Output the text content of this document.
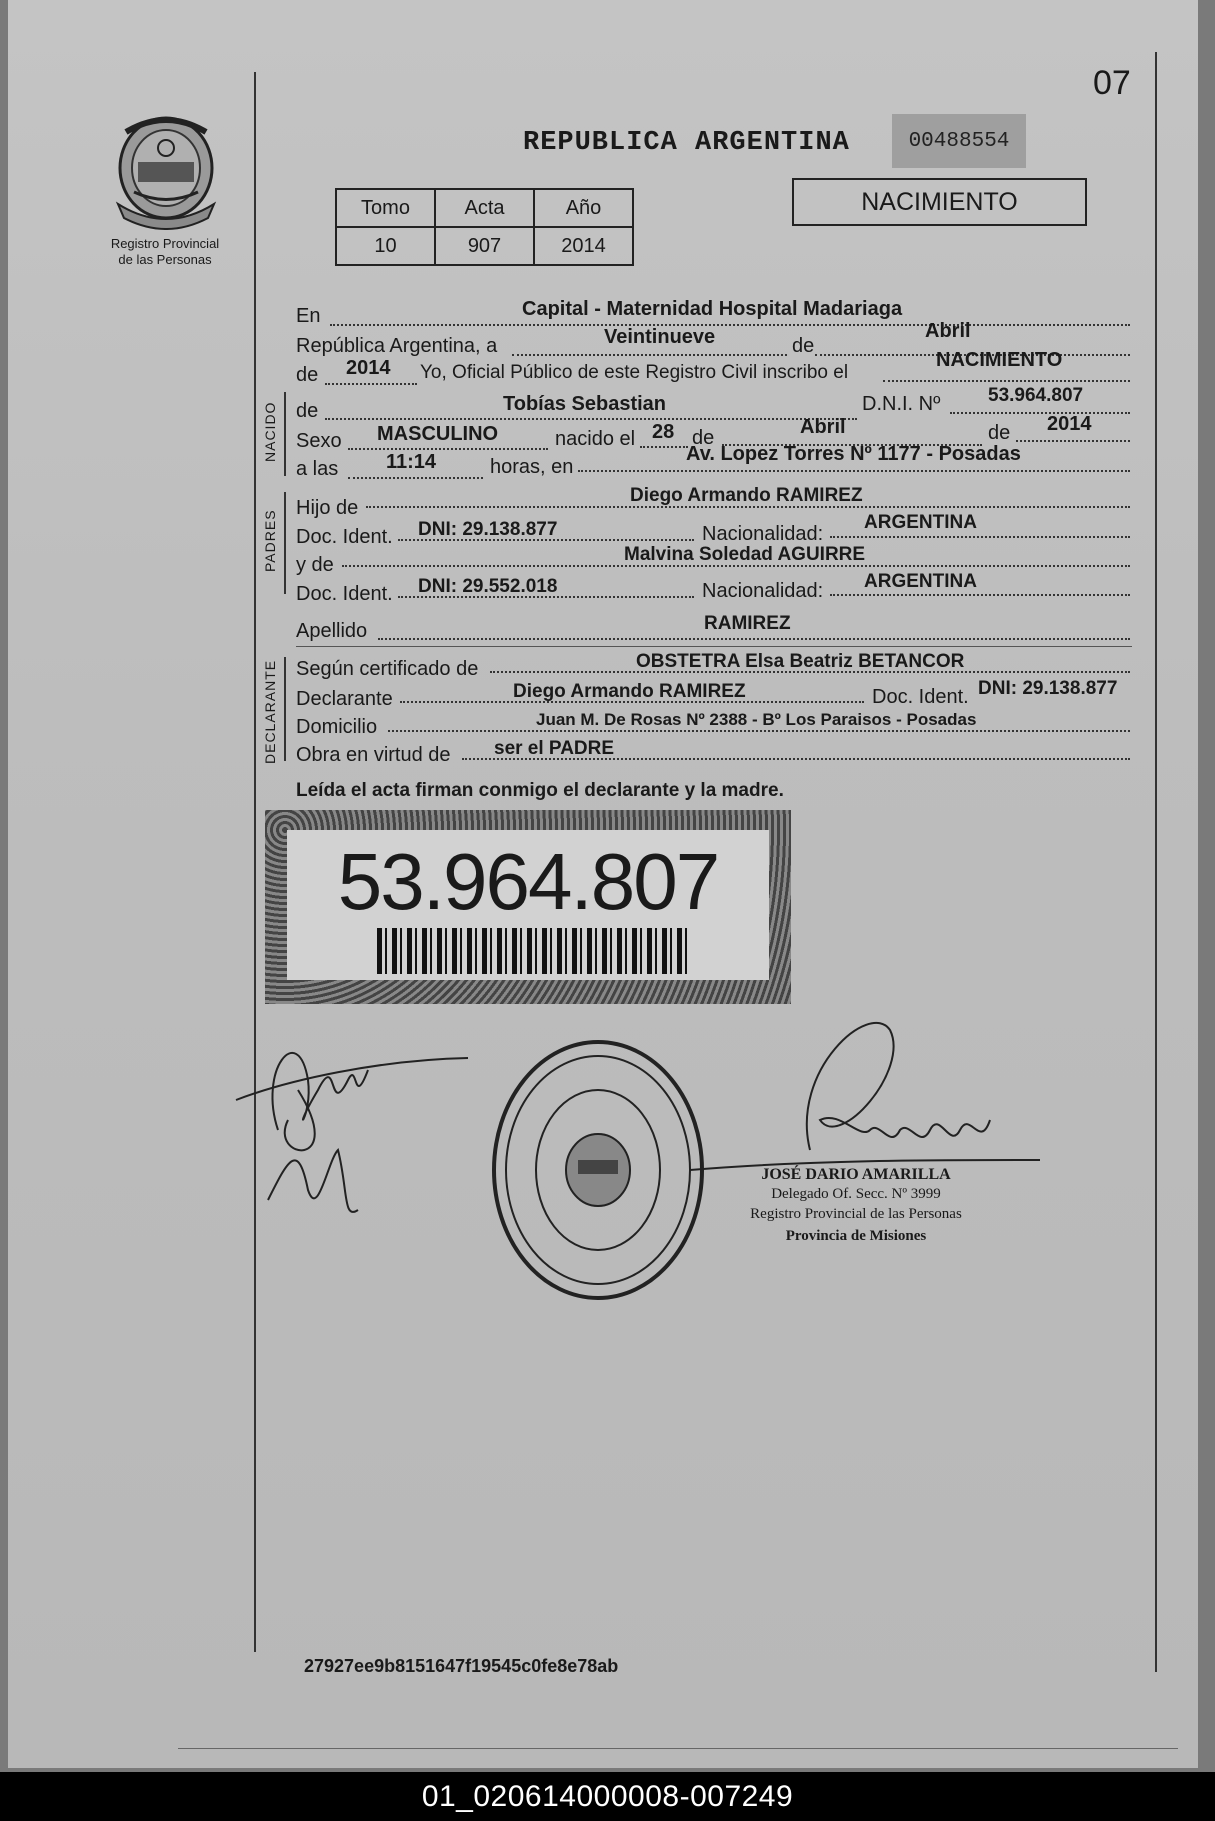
07
Registro Provincial
de las Personas
REPUBLICA ARGENTINA	00488554
Tomo	Acta	Año
10	907	2014
NACIMIENTO
En	Capital - Maternidad Hospital Madariaga
República Argentina, a	Veintinueve	de
Abril
de 2014 Yo, Oficial Público de este Registro Civil inscribo el
NACIMIENTO
NACIDO de	Tobías Sebastian	D.N.I. Nº	53.964.807
Sexo MASCULINO	nacido el 28 de	Abril	de 2014
a las 11:14	horas, en
Av. Lopez Torres Nº 1177 - Posadas
PADRES
Hijo de
Diego Armando RAMIREZ
Doc. Ident. DNI: 29.138.877	Nacionalidad:
ARGENTINA
y de	Malvina Soledad AGUIRRE
Doc. Ident. DNI: 29.552.018	Nacionalidad: ARGENTINA
Apellido	RAMIREZ
DECLARANTE Según certificado de	OBSTETRA Elsa Beatriz BETANCOR
Declarante	Diego Armando RAMIREZ	Doc. Ident. DNI: 29.138.877
Domicilio	Juan M. De Rosas Nº 2388 - Bº Los Paraisos - Posadas
Obra en virtud de ser el PADRE
Leída el acta firman conmigo el declarante y la madre.
53.964.807
JOSÉ DARIO AMARILLA
Delegado Of. Secc. Nº 3999
Registro Provincial de las Personas
Provincia de Misiones
27927ee9b8151647f19545c0fe8e78ab
01_020614000008-007249
